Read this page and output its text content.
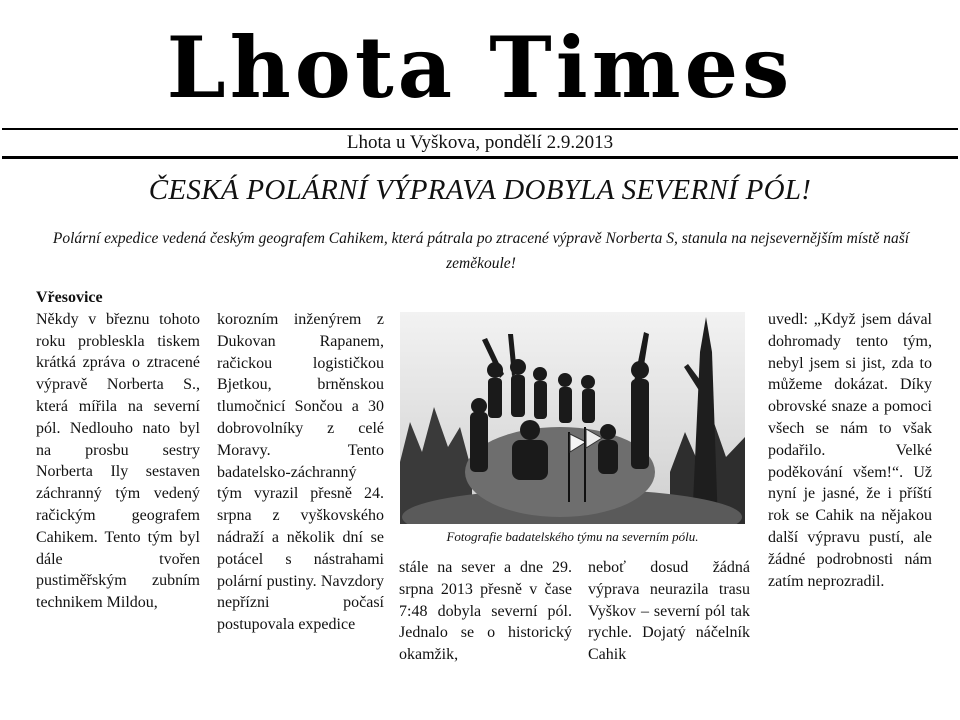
Lhota Times
Lhota u Vyškova, pondělí 2.9.2013
ČESKÁ POLÁRNÍ VÝPRAVA DOBYLA SEVERNÍ PÓL!
Polární expedice vedená českým geografem Cahikem, která pátrala po ztracené výpravě Norberta S, stanula na nejsevernějším místě naší zeměkoule!
Vřesovice
Někdy v březnu tohoto roku probleskla tiskem krátká zpráva o ztracené výpravě Norberta S., která mířila na severní pól. Nedlouho nato byl na prosbu sestry Norberta Ily sestaven záchranný tým vedený račickým geografem Cahikem. Tento tým byl dále tvořen pustiměřským zubním technikem Mildou,
korozním inženýrem z Dukovan Rapanem, račickou logističkou Bjetkou, brněnskou tlumočnicí Sončou a 30 dobrovolníky z celé Moravy. Tento badatelsko-záchranný tým vyrazil přesně 24. srpna z vyškovského nádraží a několik dní se potácel s nástrahami polární pustiny. Navzdory nepřízni počasí postupovala expedice
stále na sever a dne 29. srpna 2013 přesně v čase 7:48 dobyla severní pól. Jednalo se o historický okamžik,
neboť dosud žádná výprava neurazila trasu Vyškov – severní pól tak rychle. Dojatý náčelník Cahik
uvedl: „Když jsem dával dohromady tento tým, nebyl jsem si jist, zda to můžeme dokázat. Díky obrovské snaze a pomoci všech se nám to však podařilo. Velké poděkování všem!“. Už nyní je jasné, že i příští rok se Cahik na nějakou další výpravu pustí, ale žádné podrobnosti nám zatím neprozradil.
Fotografie badatelského týmu na severním pólu.
